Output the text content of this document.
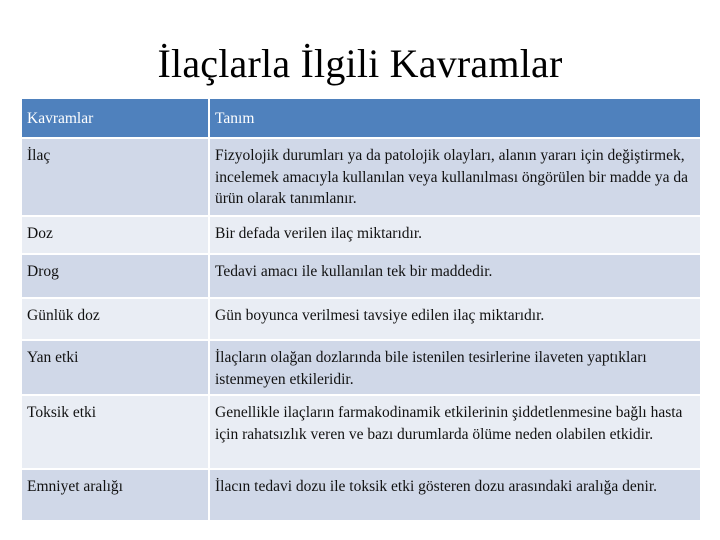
İlaçlarla İlgili Kavramlar
Kavramlar	Tanım
İlaç	Fizyolojik durumları ya da patolojik olayları, alanın yararı için değiştirmek, incelemek amacıyla kullanılan veya kullanılması öngörülen bir madde ya da ürün olarak tanımlanır.
Doz	Bir defada verilen ilaç miktarıdır.
Drog	Tedavi amacı ile kullanılan tek bir maddedir.
Günlük doz	Gün boyunca verilmesi tavsiye edilen ilaç miktarıdır.
Yan etki	İlaçların olağan dozlarında bile istenilen tesirlerine ilaveten yaptıkları istenmeyen etkileridir.
Toksik etki	Genellikle ilaçların farmakodinamik etkilerinin şiddetlenmesine bağlı hasta için rahatsızlık veren ve bazı durumlarda ölüme neden olabilen etkidir.
Emniyet aralığı	İlacın tedavi dozu ile toksik etki gösteren dozu arasındaki aralığa denir.
